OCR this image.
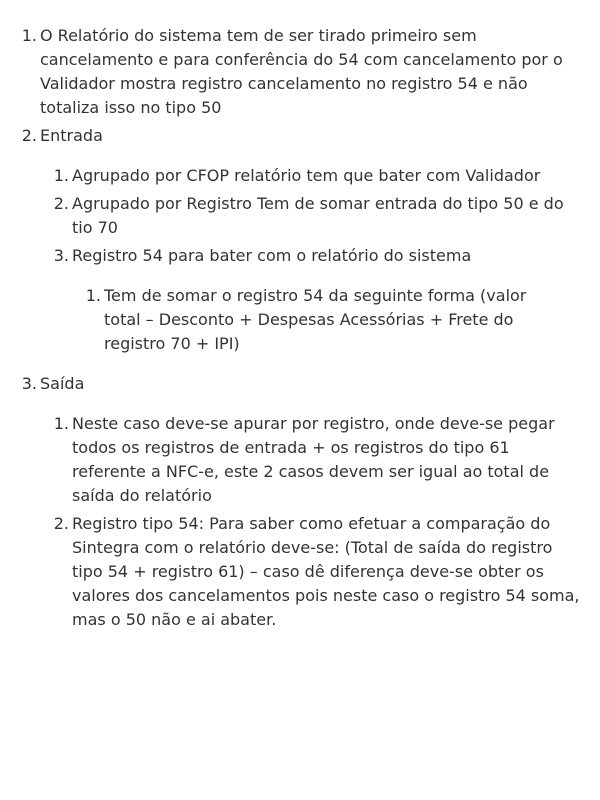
1. O Relatório do sistema tem de ser tirado primeiro sem cancelamento e para conferência do 54 com cancelamento por o Validador mostra registro cancelamento no registro 54 e não totaliza isso no tipo 50
2. Entrada
1. Agrupado por CFOP relatório tem que bater com Validador
2. Agrupado por Registro Tem de somar entrada do tipo 50 e do tio 70
3. Registro 54 para bater com o relatório do sistema
1. Tem de somar o registro 54 da seguinte forma (valor total – Desconto + Despesas Acessórias + Frete do registro 70 + IPI)
3. Saída
1. Neste caso deve-se apurar por registro, onde deve-se pegar todos os registros de entrada + os registros do tipo 61 referente a NFC-e, este 2 casos devem ser igual ao total de saída do relatório
2. Registro tipo 54: Para saber como efetuar a comparação do Sintegra com o relatório deve-se: (Total de saída do registro tipo 54 + registro 61) – caso dê diferença deve-se obter os valores dos cancelamentos pois neste caso o registro 54 soma, mas o 50 não e ai abater.
